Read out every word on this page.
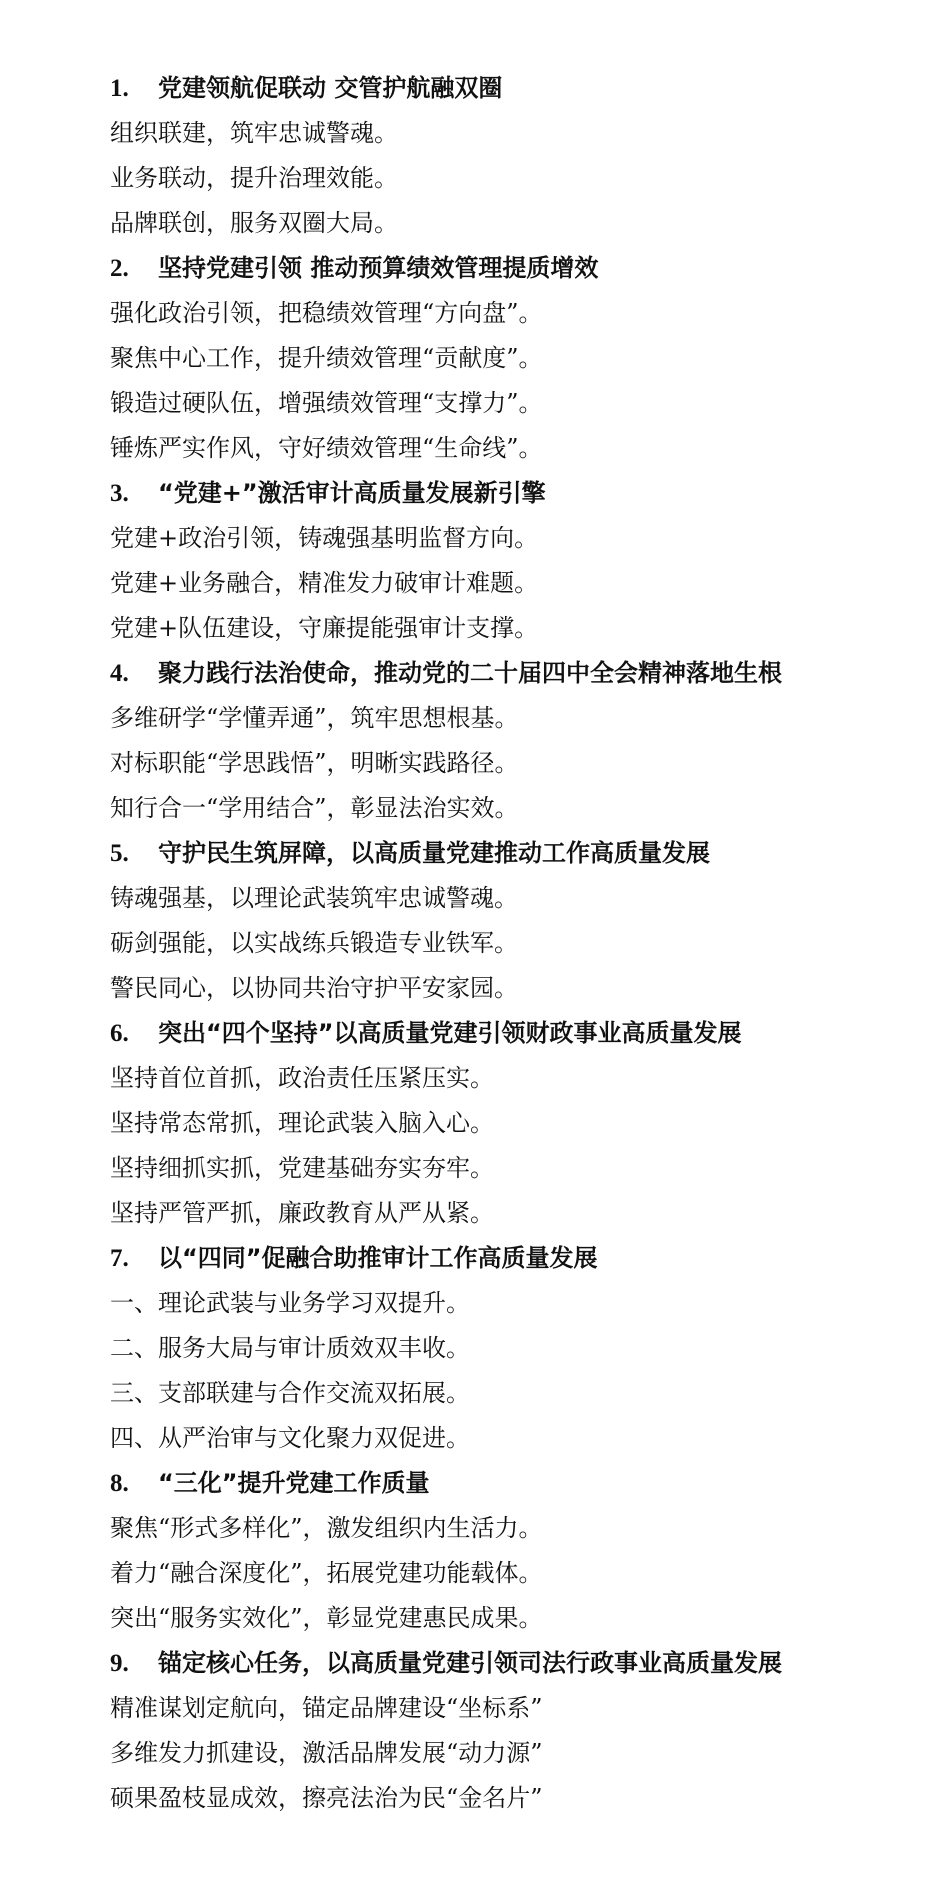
1.	党建领航促联动 交管护航融双圈
组织联建，筑牢忠诚警魂。
业务联动，提升治理效能。
品牌联创，服务双圈大局。
2.	坚持党建引领 推动预算绩效管理提质增效
强化政治引领，把稳绩效管理“方向盘”。
聚焦中心工作，提升绩效管理“贡献度”。
锻造过硬队伍，增强绩效管理“支撑力”。
锤炼严实作风，守好绩效管理“生命线”。
3.	“党建+”激活审计高质量发展新引擎
党建+政治引领，铸魂强基明监督方向。
党建+业务融合，精准发力破审计难题。
党建+队伍建设，守廉提能强审计支撑。
4.	聚力践行法治使命，推动党的二十届四中全会精神落地生根
多维研学“学懂弄通”，筑牢思想根基。
对标职能“学思践悟”，明晰实践路径。
知行合一“学用结合”，彰显法治实效。
5.	守护民生筑屏障，以高质量党建推动工作高质量发展
铸魂强基，以理论武装筑牢忠诚警魂。
砺剑强能，以实战练兵锻造专业铁军。
警民同心，以协同共治守护平安家园。
6.	突出“四个坚持”以高质量党建引领财政事业高质量发展
坚持首位首抓，政治责任压紧压实。
坚持常态常抓，理论武装入脑入心。
坚持细抓实抓，党建基础夯实夯牢。
坚持严管严抓，廉政教育从严从紧。
7.	以“四同”促融合助推审计工作高质量发展
一、理论武装与业务学习双提升。
二、服务大局与审计质效双丰收。
三、支部联建与合作交流双拓展。
四、从严治审与文化聚力双促进。
8.	“三化”提升党建工作质量
聚焦“形式多样化”，激发组织内生活力。
着力“融合深度化”，拓展党建功能载体。
突出“服务实效化”，彰显党建惠民成果。
9.	锚定核心任务，以高质量党建引领司法行政事业高质量发展
精准谋划定航向，锚定品牌建设“坐标系”
多维发力抓建设，激活品牌发展“动力源”
硕果盈枝显成效，擦亮法治为民“金名片”
